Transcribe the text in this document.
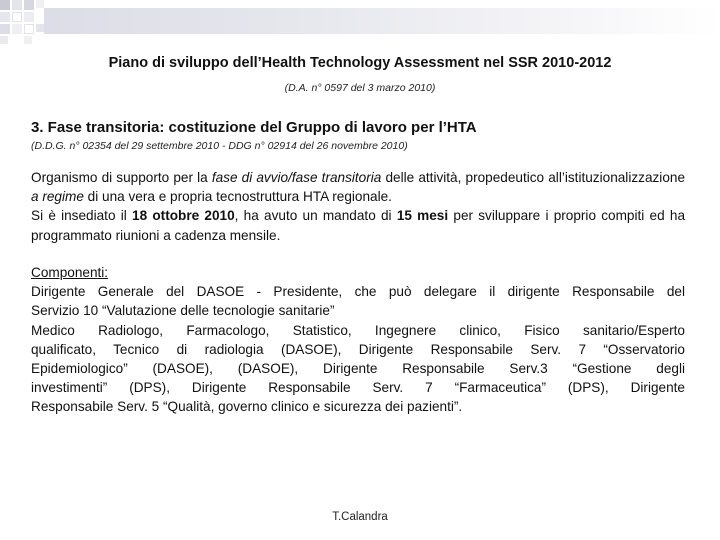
Piano di sviluppo dell’Health Technology Assessment nel SSR 2010-2012
(D.A. n° 0597 del 3 marzo 2010)
3. Fase transitoria: costituzione del Gruppo di lavoro per l’HTA
(D.D.G. n° 02354 del 29 settembre 2010 - DDG n° 02914 del 26 novembre 2010)
Organismo di supporto per la fase di avvio/fase transitoria delle attività, propedeutico all’istituzionalizzazione a regime di una vera e propria tecnostruttura HTA regionale.
Si è insediato il 18 ottobre 2010, ha avuto un mandato di 15 mesi per sviluppare i proprio compiti ed ha programmato riunioni a cadenza mensile.
Componenti:
Dirigente Generale del DASOE - Presidente, che può delegare il dirigente Responsabile del
Servizio 10 “Valutazione delle tecnologie sanitarie”
Medico Radiologo, Farmacologo, Statistico, Ingegnere clinico, Fisico sanitario/Esperto
qualificato, Tecnico di radiologia (DASOE), Dirigente Responsabile Serv. 7 “Osservatorio
Epidemiologico” (DASOE), (DASOE), Dirigente Responsabile Serv.3 “Gestione degli
investimenti” (DPS), Dirigente Responsabile Serv. 7 “Farmaceutica” (DPS), Dirigente
Responsabile Serv. 5 “Qualità, governo clinico e sicurezza dei pazienti”.
T.Calandra
